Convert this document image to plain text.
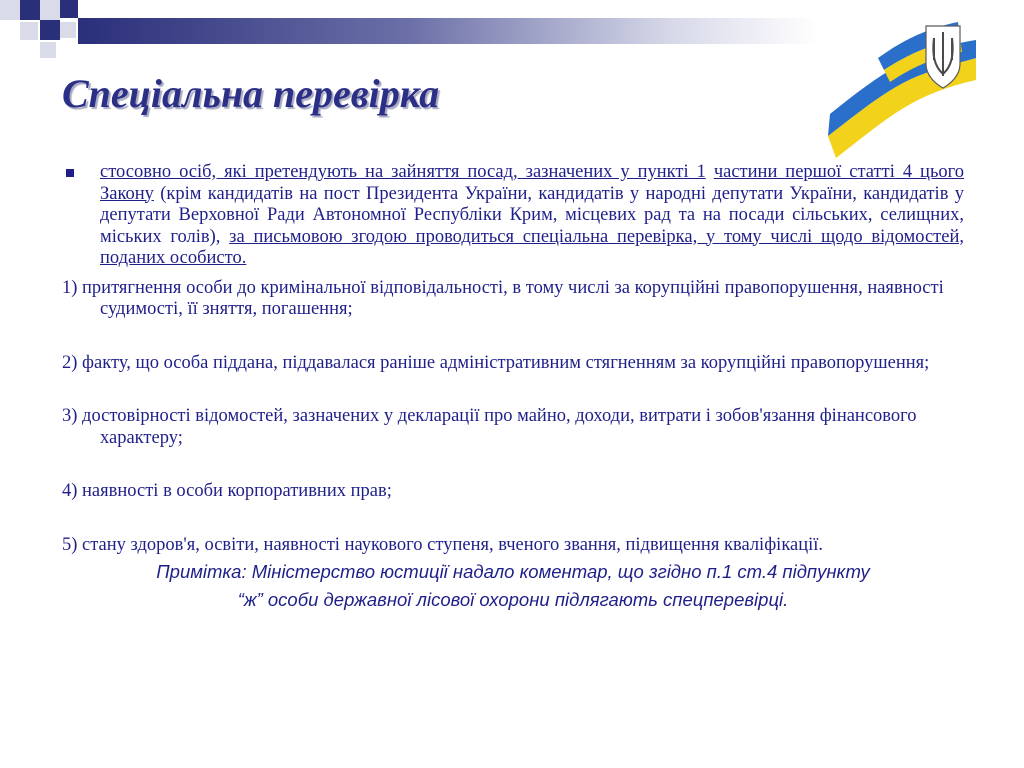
Спеціальна перевірка
стосовно осіб, які претендують на зайняття посад, зазначених у пункті 1 частини першої статті 4 цього Закону (крім кандидатів на пост Президента України, кандидатів у народні депутати України, кандидатів у депутати Верховної Ради Автономної Республіки Крим, місцевих рад та на посади сільських, селищних, міських голів), за письмовою згодою проводиться спеціальна перевірка, у тому числі щодо відомостей, поданих особисто.

1) притягнення особи до кримінальної відповідальності, в тому числі за корупційні правопорушення, наявності судимості, її зняття, погашення;

2) факту, що особа піддана, піддавалася раніше адміністративним стягненням за корупційні правопорушення;

3) достовірності відомостей, зазначених у декларації про майно, доходи, витрати і зобов'язання фінансового характеру;

4) наявності в особи корпоративних прав;

5) стану здоров'я, освіти, наявності наукового ступеня, вченого звання, підвищення кваліфікації.

Примітка: Міністерство юстиції надало коментар, що згідно п.1 ст.4 підпункту
“ж” особи державної лісової охорони підлягають спецперевірці.
